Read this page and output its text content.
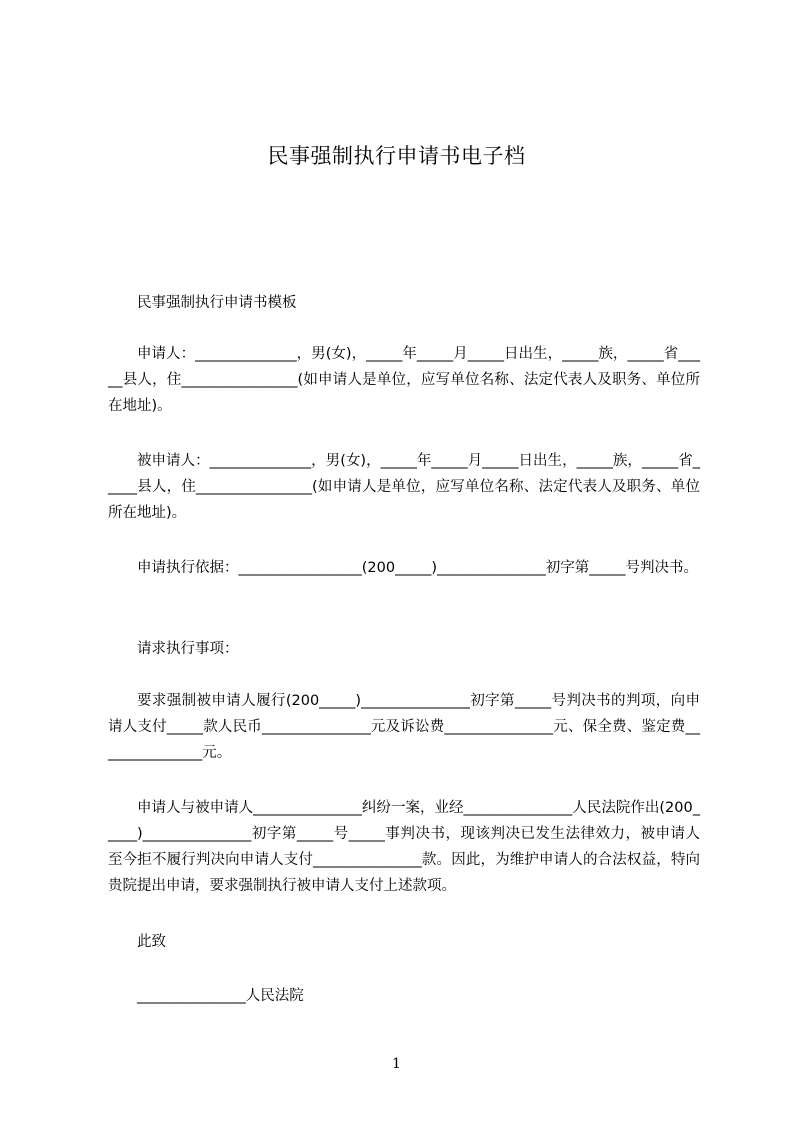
民事强制执行申请书电子档

民事强制执行申请书模板

申请人：______________，男(女)，_____年_____月_____日出生，_____族，_____省_____县人，住________________(如申请人是单位，应写单位名称、法定代表人及职务、单位所在地址)。

被申请人：______________，男(女)，_____年_____月_____日出生，_____族，_____省_____县人，住________________(如申请人是单位，应写单位名称、法定代表人及职务、单位所在地址)。

申请执行依据：_________________(200_____)_______________初字第_____号判决书。

请求执行事项：

要求强制被申请人履行(200_____)_______________初字第_____号判决书的判项，向申请人支付_____款人民币_______________元及诉讼费_______________元、保全费、鉴定费_______________元。

申请人与被申请人_______________纠纷一案，业经_______________人民法院作出(200_____)_______________初字第_____号_____事判决书，现该判决已发生法律效力，被申请人至今拒不履行判决向申请人支付_______________款。因此，为维护申请人的合法权益，特向贵院提出申请，要求强制执行被申请人支付上述款项。

此致

_______________人民法院

1
